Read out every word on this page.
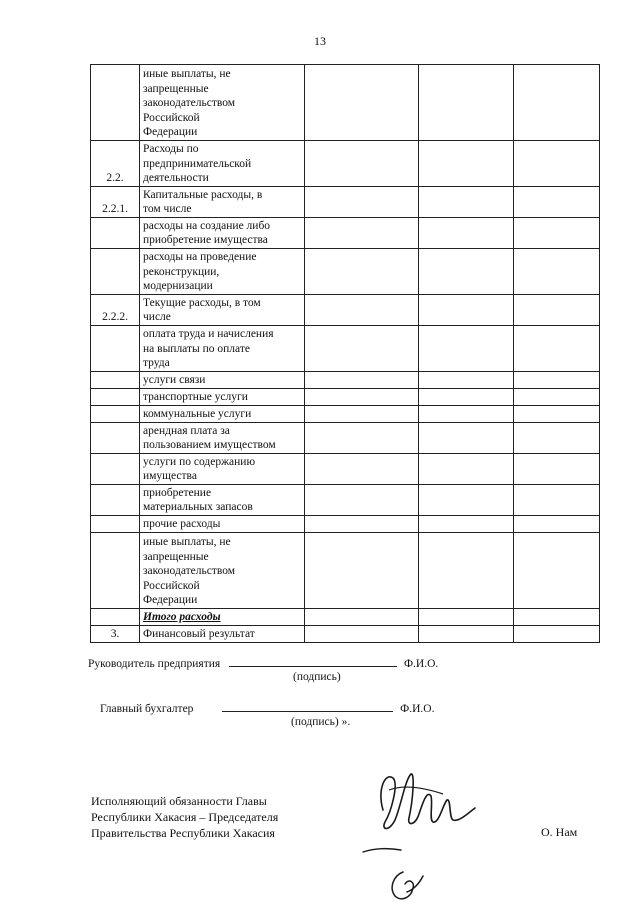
13
	иные выплаты, не
запрещенные
законодательством
Российской
Федерации			
2.2.	Расходы по
предпринимательской
деятельности			
2.2.1.	Капитальные расходы, в
том числе			
	расходы на создание либо
приобретение имущества			
	расходы на проведение
реконструкции,
модернизации			
2.2.2.	Текущие расходы, в том
числе			
	оплата труда и начисления
на выплаты по оплате
труда			
	услуги связи			
	транспортные услуги			
	коммунальные услуги			
	арендная плата за
пользованием имуществом			
	услуги по содержанию
имущества			
	приобретение
материальных запасов			
	прочие расходы			
	иные выплаты, не
запрещенные
законодательством
Российской
Федерации			
	Итого расходы			
3.	Финансовый результат			
Руководитель предприятия	Ф.И.О.
(подпись)
Главный бухгалтер	Ф.И.О.
(подпись) ».
Исполняющий обязанности Главы
Республики Хакасия – Председателя
Правительства Республики Хакасия	О. Нам
